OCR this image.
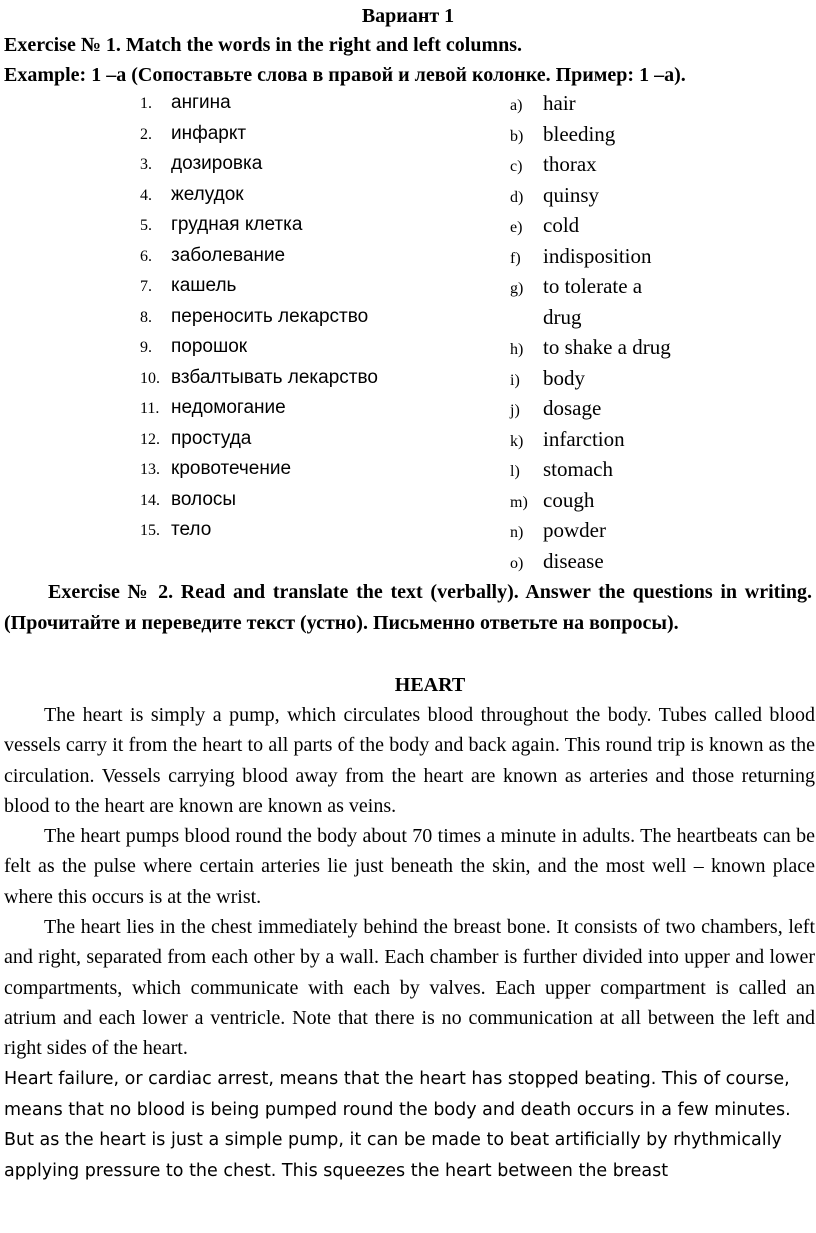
Вариант 1
Exercise № 1. Match the words in the right and left columns.
Example: 1 –a (Сопоставьте слова в правой и левой колонке. Пример: 1 –a).
1. ангина
2. инфаркт
3. дозировка
4. желудок
5. грудная клетка
6. заболевание
7. кашель
8. переносить лекарство
9. порошок
10. взбалтывать лекарство
11. недомогание
12. простуда
13. кровотечение
14. волосы
15. тело
a) hair
b) bleeding
c) thorax
d) quinsy
e) cold
f) indisposition
g) to tolerate a
drug
h) to shake a drug
i) body
j) dosage
k) infarction
l) stomach
m) cough
n) powder
o) disease

Exercise № 2. Read and translate the text (verbally). Answer the questions in writing. (Прочитайте и переведите текст (устно). Письменно ответьте на вопросы).

HEART

The heart is simply a pump, which circulates blood throughout the body. Tubes called blood vessels carry it from the heart to all parts of the body and back again. This round trip is known as the circulation. Vessels carrying blood away from the heart are known as arteries and those returning blood to the heart are known are known as veins.

The heart pumps blood round the body about 70 times a minute in adults. The heartbeats can be felt as the pulse where certain arteries lie just beneath the skin, and the most well – known place where this occurs is at the wrist.

The heart lies in the chest immediately behind the breast bone. It consists of two chambers, left and right, separated from each other by a wall. Each chamber is further divided into upper and lower compartments, which communicate with each by valves. Each upper compartment is called an atrium and each lower a ventricle. Note that there is no communication at all between the left and right sides of the heart.

Heart failure, or cardiac arrest, means that the heart has stopped beating. This of course, means that no blood is being pumped round the body and death occurs in a few minutes. But as the heart is just a simple pump, it can be made to beat artificially by rhythmically applying pressure to the chest. This squeezes the heart between the breast
